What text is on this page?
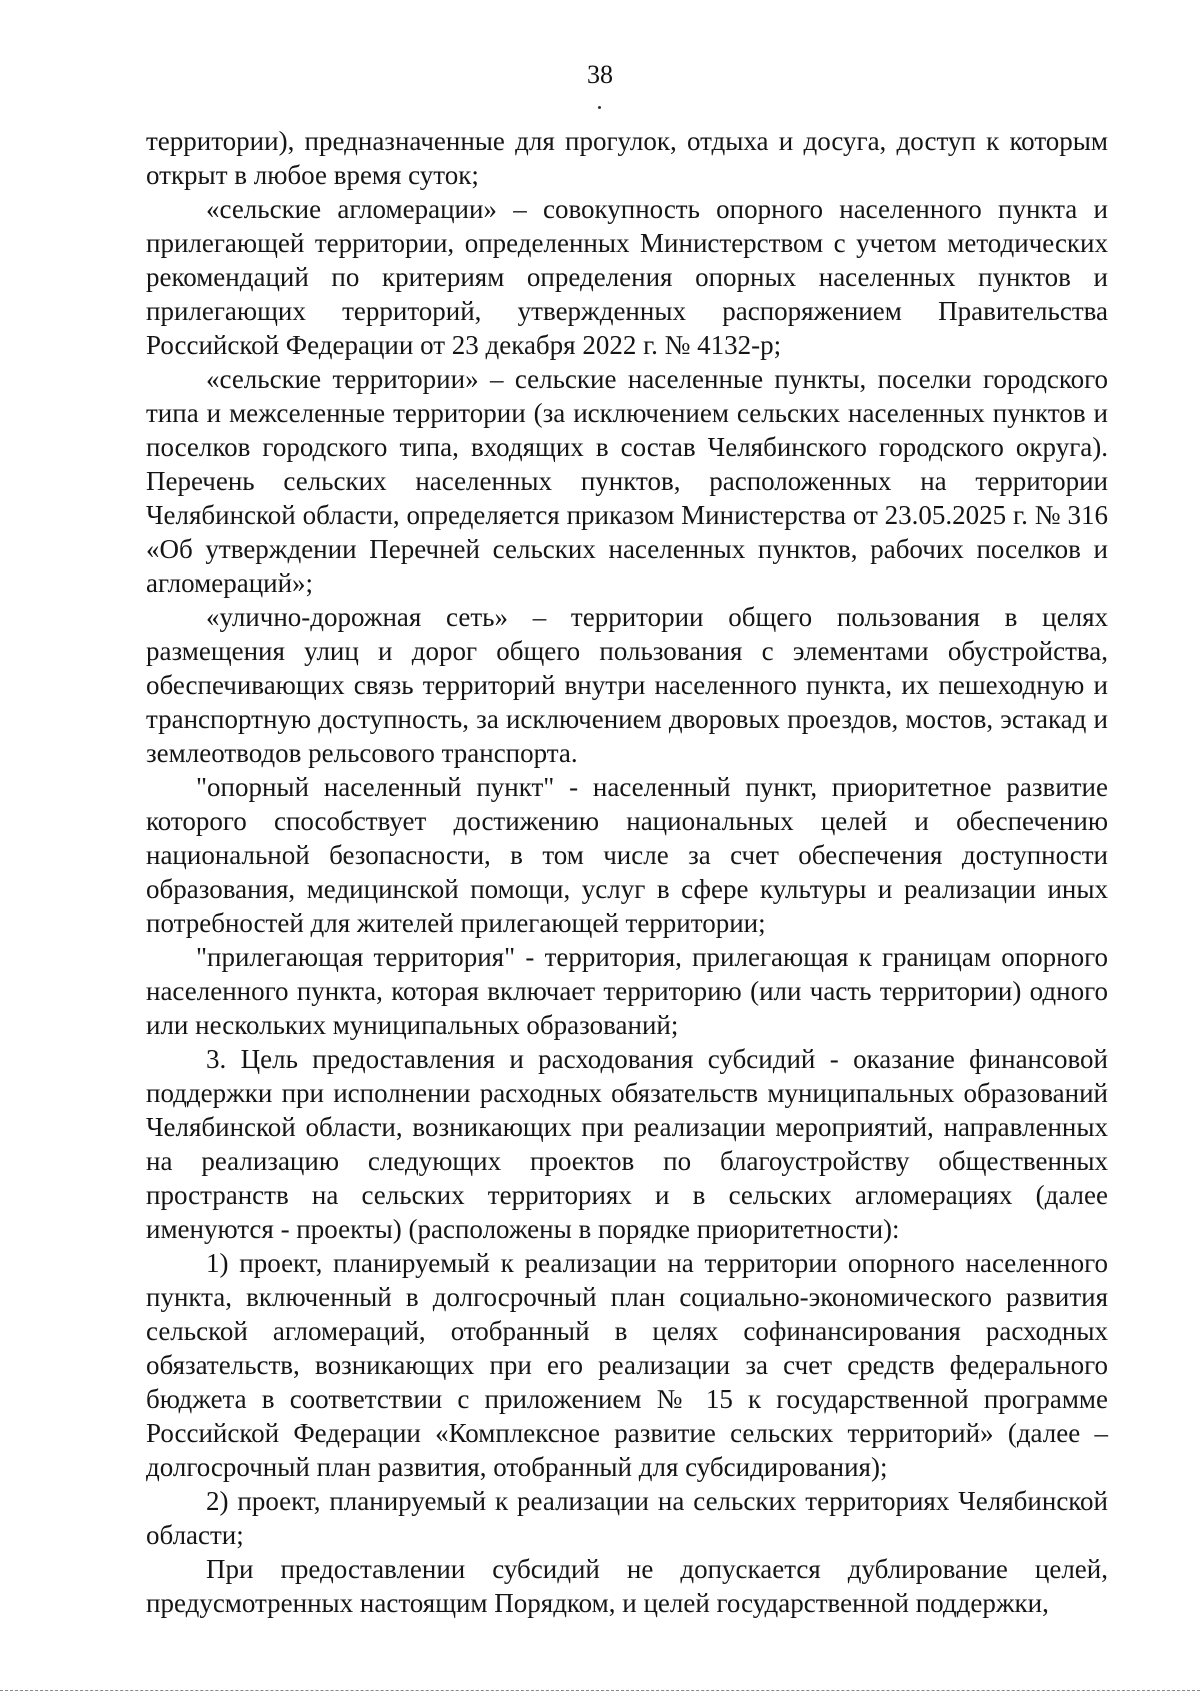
38

территории), предназначенные для прогулок, отдыха и досуга, доступ к которым открыт в любое время суток;

«сельские агломерации» – совокупность опорного населенного пункта и прилегающей территории, определенных Министерством с учетом методических рекомендаций по критериям определения опорных населенных пунктов и прилегающих территорий, утвержденных распоряжением Правительства Российской Федерации от 23 декабря 2022 г. № 4132-р;

«сельские территории» – сельские населенные пункты, поселки городского типа и межселенные территории (за исключением сельских населенных пунктов и поселков городского типа, входящих в состав Челябинского городского округа). Перечень сельских населенных пунктов, расположенных на территории Челябинской области, определяется приказом Министерства от 23.05.2025 г. № 316 «Об утверждении Перечней сельских населенных пунктов, рабочих поселков и агломераций»;

«улично-дорожная сеть» – территории общего пользования в целях размещения улиц и дорог общего пользования с элементами обустройства, обеспечивающих связь территорий внутри населенного пункта, их пешеходную и транспортную доступность, за исключением дворовых проездов, мостов, эстакад и землеотводов рельсового транспорта.

"опорный населенный пункт" - населенный пункт, приоритетное развитие которого способствует достижению национальных целей и обеспечению национальной безопасности, в том числе за счет обеспечения доступности образования, медицинской помощи, услуг в сфере культуры и реализации иных потребностей для жителей прилегающей территории;

"прилегающая территория" - территория, прилегающая к границам опорного населенного пункта, которая включает территорию (или часть территории) одного или нескольких муниципальных образований;

3. Цель предоставления и расходования субсидий - оказание финансовой поддержки при исполнении расходных обязательств муниципальных образований Челябинской области, возникающих при реализации мероприятий, направленных на реализацию следующих проектов по благоустройству общественных пространств на сельских территориях и в сельских агломерациях (далее именуются - проекты) (расположены в порядке приоритетности):

1) проект, планируемый к реализации на территории опорного населенного пункта, включенный в долгосрочный план социально-экономического развития сельской агломераций, отобранный в целях софинансирования расходных обязательств, возникающих при его реализации за счет средств федерального бюджета в соответствии с приложением № 15 к государственной программе Российской Федерации «Комплексное развитие сельских территорий» (далее – долгосрочный план развития, отобранный для субсидирования);

2) проект, планируемый к реализации на сельских территориях Челябинской области;

При предоставлении субсидий не допускается дублирование целей, предусмотренных настоящим Порядком, и целей государственной поддержки,
